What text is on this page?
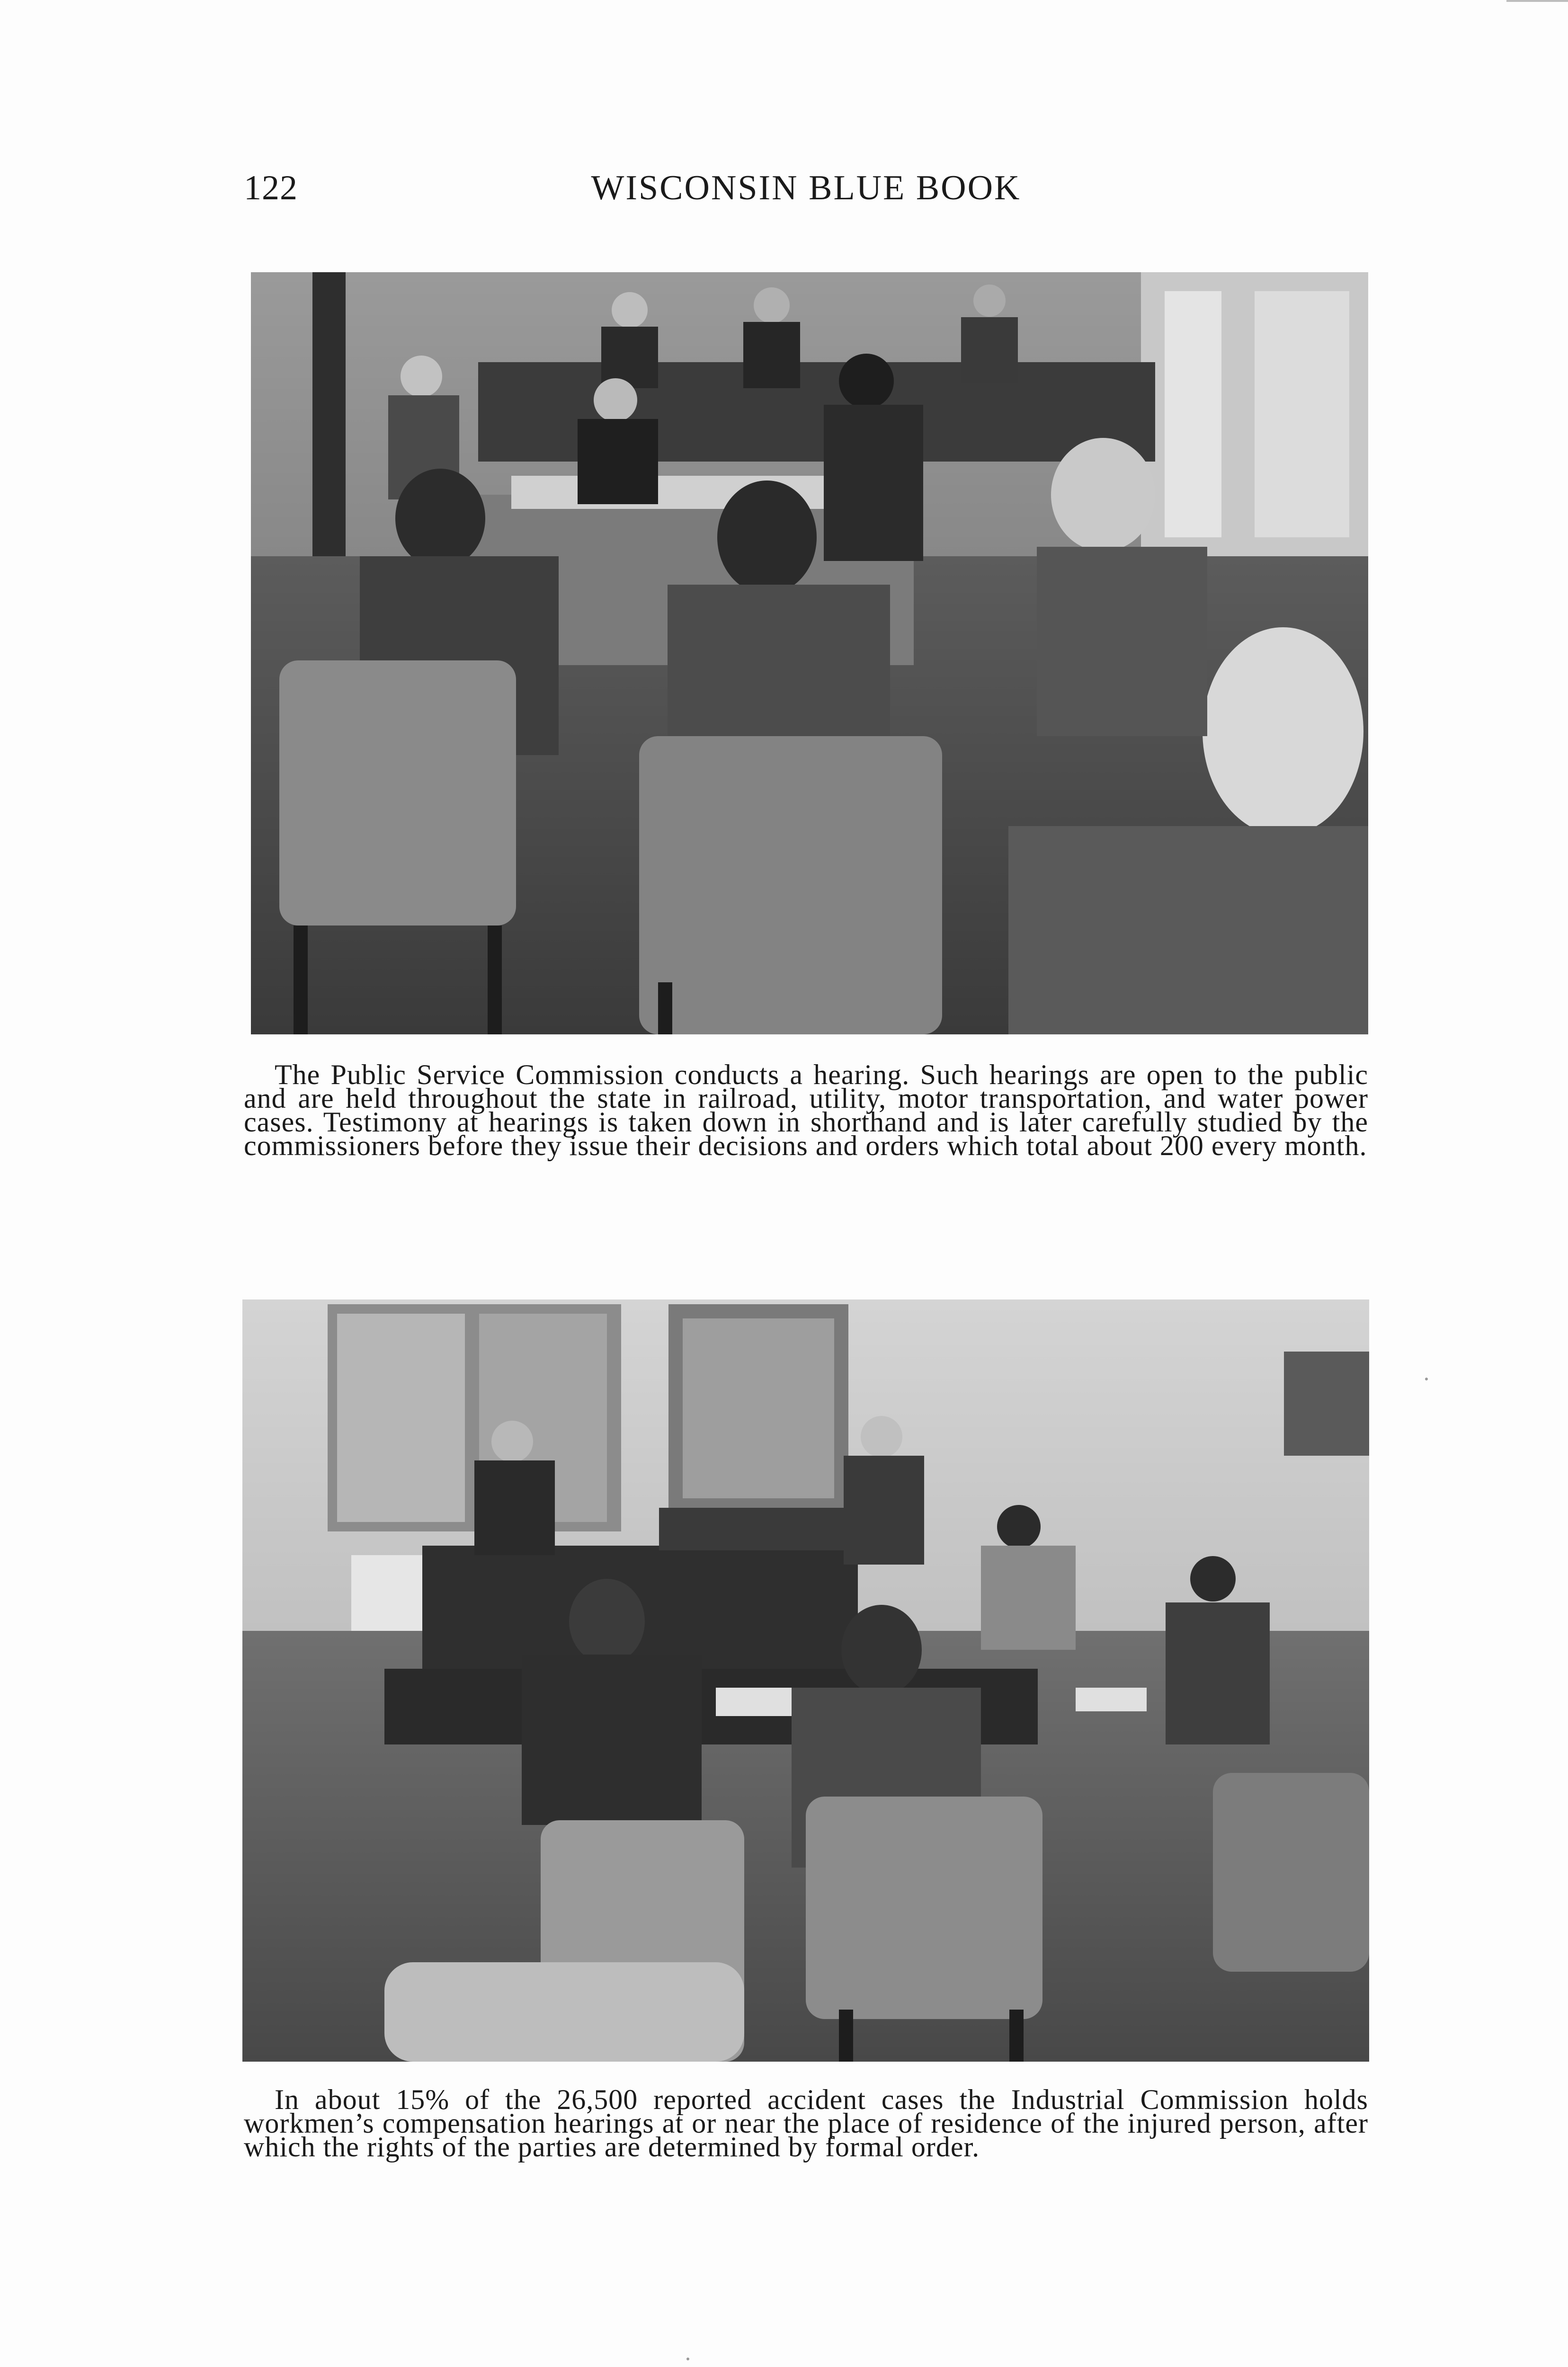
122	WISCONSIN BLUE BOOK
The Public Service Commission conducts a hearing. Such hearings are open to the public and are held throughout the state in railroad, utility, motor transportation, and water power cases. Testimony at hearings is taken down in shorthand and is later carefully studied by the commissioners before they issue their decisions and orders which total about 200 every month.
In about 15% of the 26,500 reported accident cases the Industrial Commission holds workmen’s compensation hearings at or near the place of residence of the injured person, after which the rights of the parties are determined by formal order.
